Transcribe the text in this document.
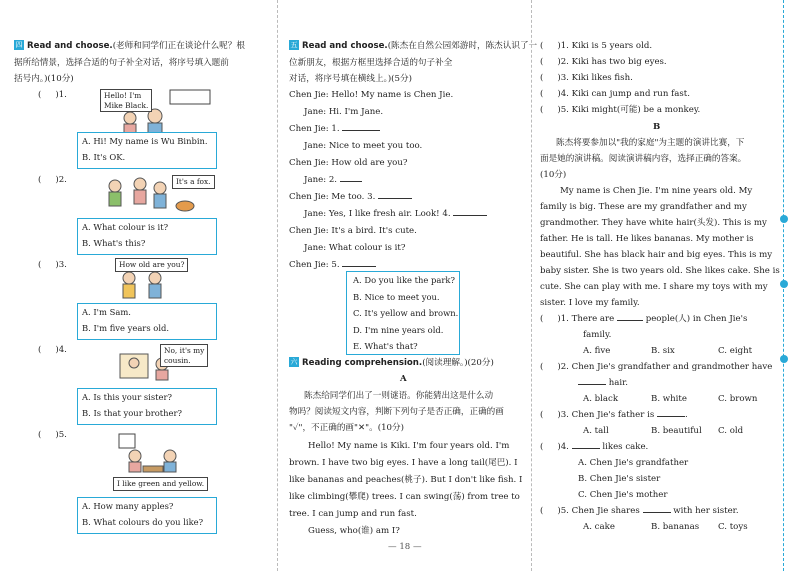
四 Read and choose.(老师和同学们正在谈论什么呢？根
据所给情景，选择合适的句子补全对话，将序号填入题前
括号内。)(10分)
( )1.	Hello! I'm
Mike Black.
A. Hi! My name is Wu Binbin.
B. It's OK.
( )2.	It's a fox.
A. What colour is it?
B. What's this?
( )3.	How old are you?
A. I'm Sam.
B. I'm five years old.
( )4.	No, it's my
cousin.
A. Is this your sister?
B. Is that your brother?
( )5.
I like green and yellow.
A. How many apples?
B. What colours do you like?
五 Read and choose.(陈杰在自然公园郊游时，陈杰认识了一
位新朋友，根据方框里选择合适的句子补全
对话，将序号填在横线上。)(5分)
Chen Jie: Hello! My name is Chen Jie.
Jane: Hi. I'm Jane.
Chen Jie: 1.
Jane: Nice to meet you too.
Chen Jie: How old are you?
Jane: 2.
Chen Jie: Me too. 3.
Jane: Yes, I like fresh air. Look! 4.
Chen Jie: It's a bird. It's cute.
Jane: What colour is it?
Chen Jie: 5.
A. Do you like the park?
B. Nice to meet you.
C. It's yellow and brown.
D. I'm nine years old.
E. What's that?
六 Reading comprehension.(阅读理解。)(20分)
A
陈杰给同学们出了一则谜语。你能猜出这是什么动
物吗？阅读短文内容，判断下列句子是否正确，正确的画
"✓"，不正确的画"✕"。(10分)
Hello! My name is Kiki. I'm four years old. I'm
brown. I have two big eyes. I have a long tail(尾巴). I
like bananas and peaches(桃子). But I don't like fish. I
like climbing(攀爬) trees. I can swing(荡) from tree to
tree. I can jump and run fast.
Guess, who(谁) am I?
— 18 —
( )1. Kiki is 5 years old.
( )2. Kiki has two big eyes.
( )3. Kiki likes fish.
( )4. Kiki can jump and run fast.
( )5. Kiki might(可能) be a monkey.
B
陈杰将要参加以"我的家庭"为主题的演讲比赛，下
面是她的演讲稿。阅读演讲稿内容，选择正确的答案。
(10分)
My name is Chen Jie. I'm nine years old. My
family is big. These are my grandfather and my
grandmother. They have white hair(头发). This is my
father. He is tall. He likes bananas. My mother is
beautiful. She has black hair and big eyes. This is my
baby sister. She is two years old. She likes cake. She is
cute. She can play with me. I share my toys with my
sister. I love my family.
( )1. There are	people(人) in Chen Jie's
family.
A. five	B. six	C. eight
( )2. Chen Jie's grandfather and grandmother have
hair.
A. black	B. white	C. brown
( )3. Chen Jie's father is	.
A. tall	B. beautiful C. old
( )4.	likes cake.
A. Chen Jie's grandfather
B. Chen Jie's sister
C. Chen Jie's mother
( )5. Chen Jie shares	with her sister.
A. cake	B. bananas C. toys
